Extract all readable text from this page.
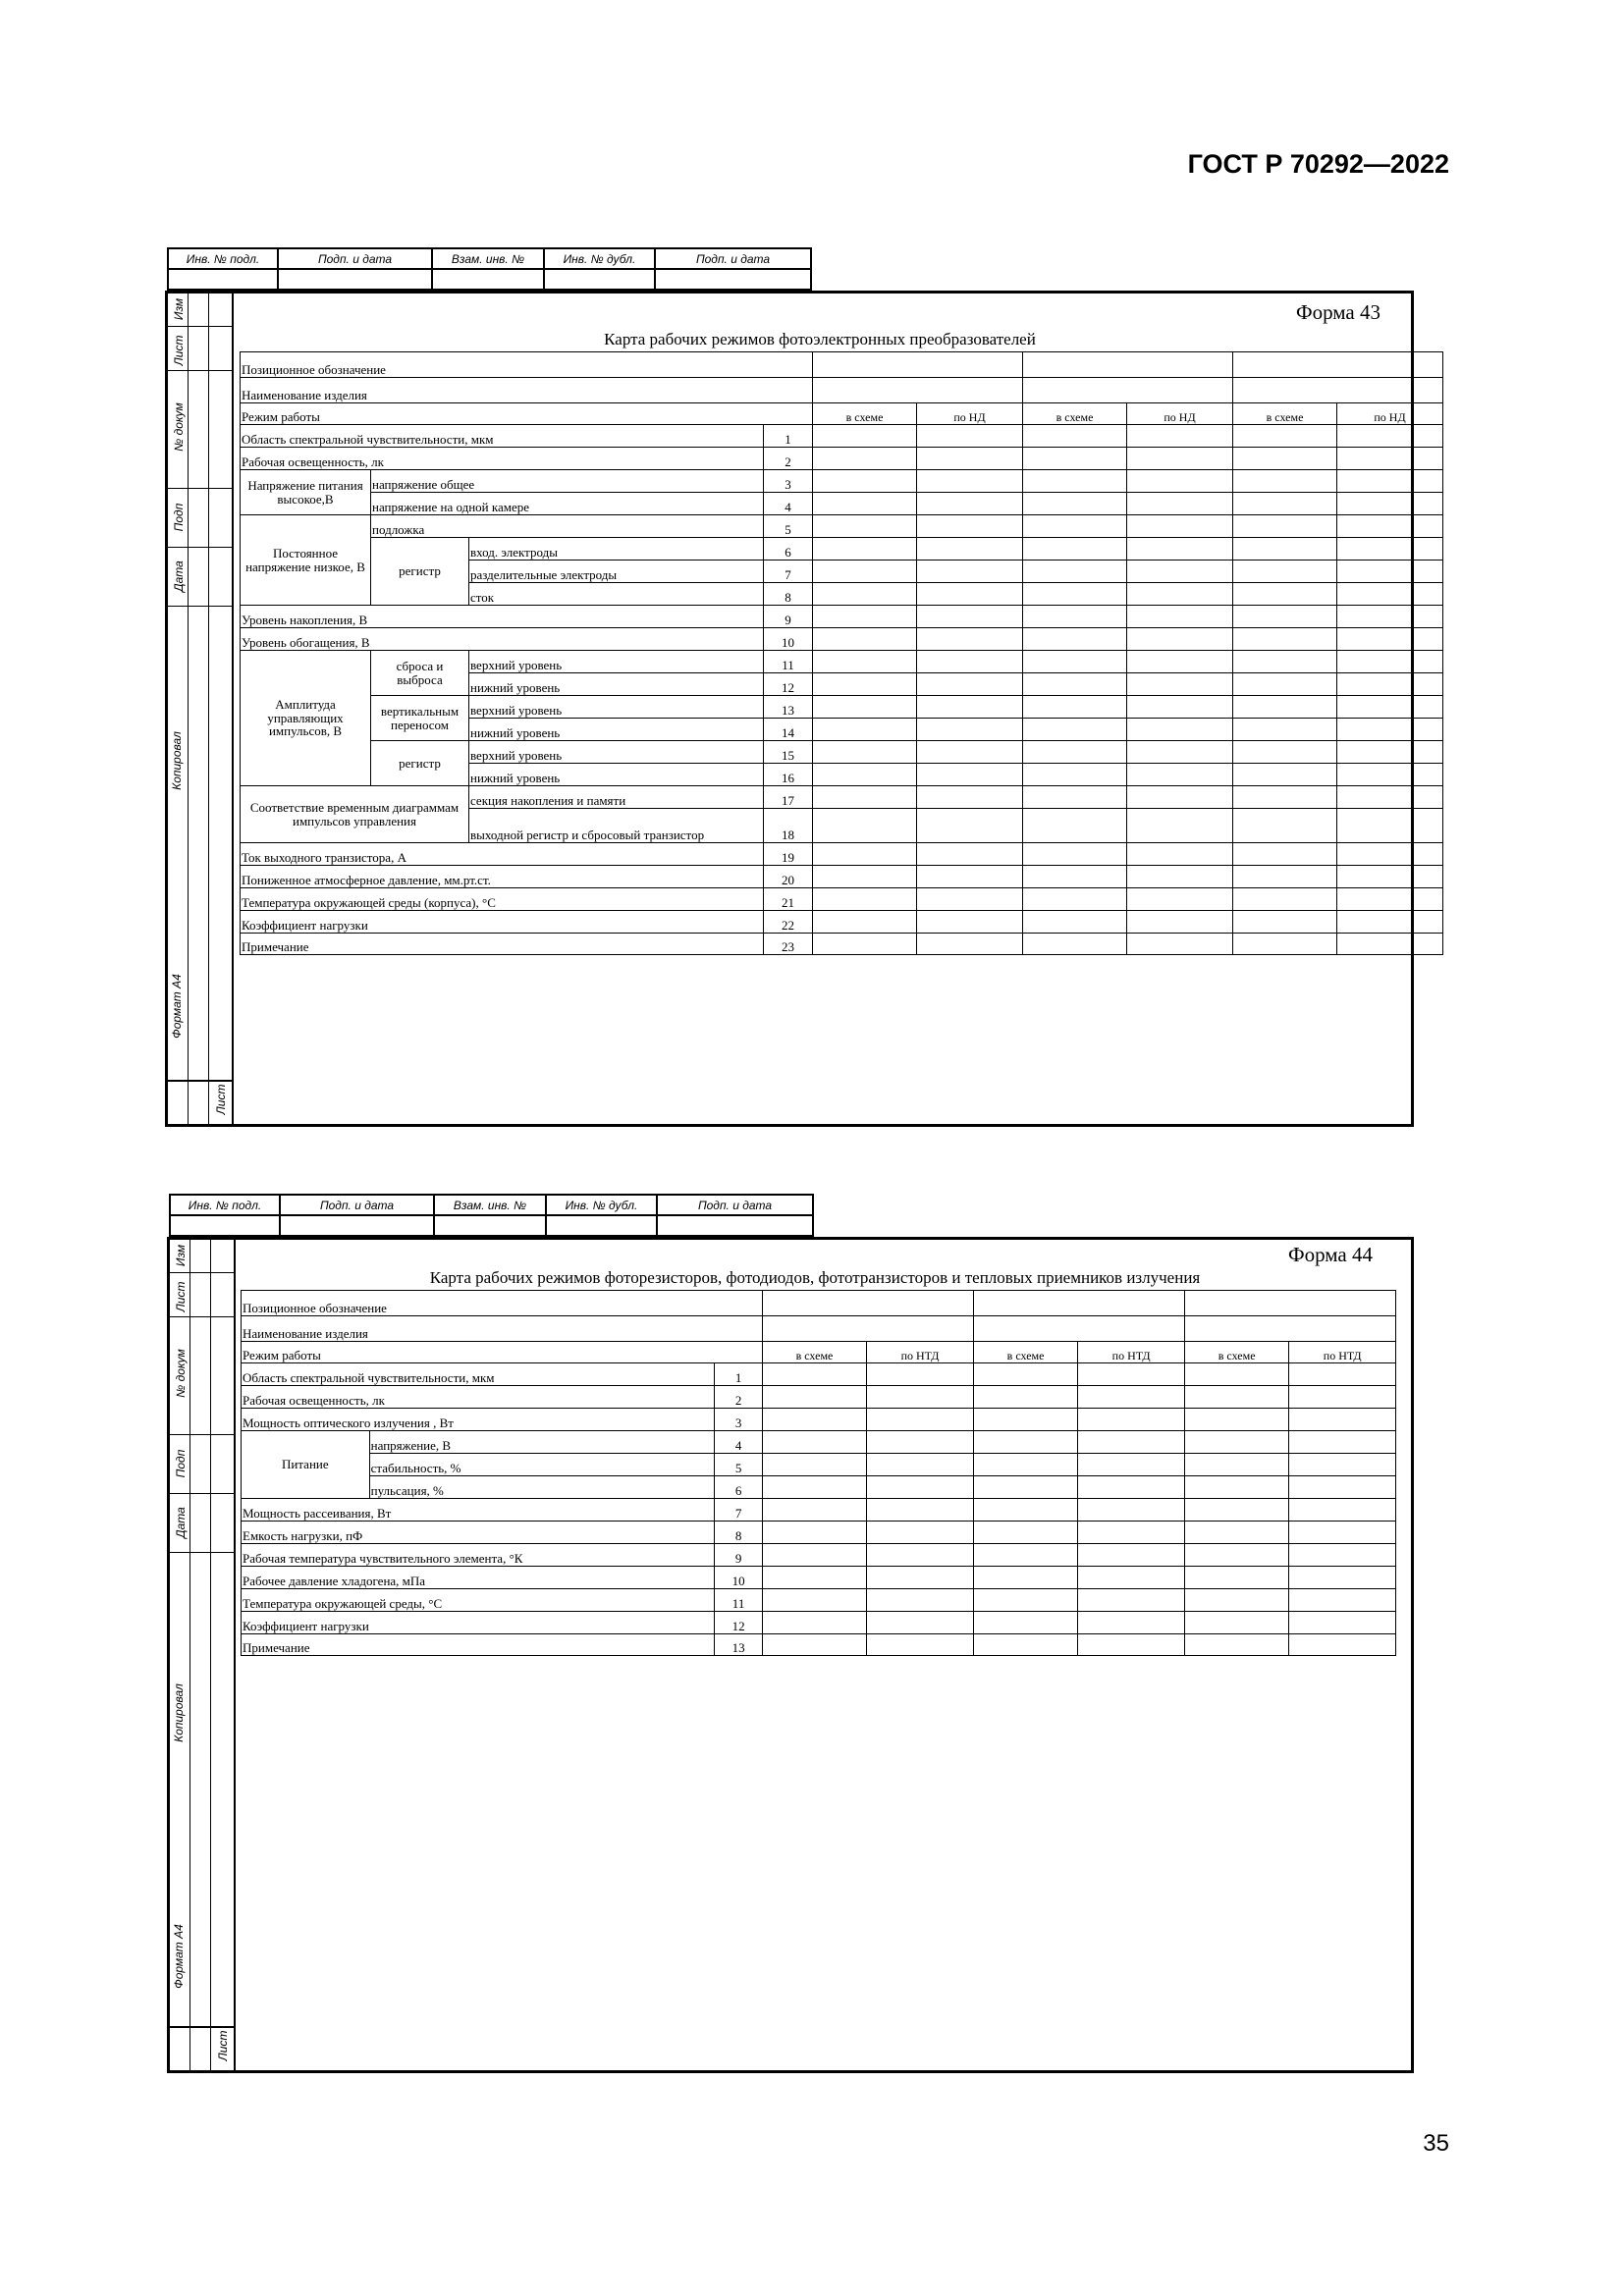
ГОСТ Р 70292—2022
Инв. № подл.	Подп. и дата	Взам. инв. №	Инв. № дубл.	Подп. и дата

Изм
Лист
№ докум
Подп
Дата
Копировал
Формат А4
Лист
Форма 43
Карта рабочих режимов фотоэлектронных преобразователей
Позиционное обозначение									
Наименование изделия									
Режим работы				в схеме	по НД	в схеме	по НД	в схеме	по НД
Область спектральной чувствительности, мкм			1						
Рабочая освещенность, лк			2						
Напряжение питания высокое,В	напряжение общее		3						
	напряжение на одной камере		4						
Постоянное напряжение низкое, В	подложка		5						
	регистр	вход. электроды	6						
		разделительные электроды	7						
		сток	8						
Уровень накопления, В			9						
Уровень обогащения, В			10						
Амплитуда управляющих импульсов, В	сброса и выброса	верхний уровень	11						
		нижний уровень	12						
	вертикальным переносом	верхний уровень	13						
		нижний уровень	14						
	регистр	верхний уровень	15						
		нижний уровень	16						
Соответствие временным диаграммам импульсов управления		секция накопления и памяти	17						
		выходной регистр и сбросовый транзистор	18						
Ток выходного транзистора, А			19						
Пониженное атмосферное давление, мм.рт.ст.			20						
Температура окружающей среды (корпуса), °С			21						
Коэффициент нагрузки			22						
Примечание			23						
Инв. № подл.	Подп. и дата	Взам. инв. №	Инв. № дубл.	Подп. и дата

Изм
Лист
№ докум
Подп
Дата
Копировал
Формат А4
Лист
Форма 44
Карта рабочих режимов фоторезисторов, фотодиодов, фототранзисторов и тепловых приемников излучения
Позиционное обозначение								
Наименование изделия								
Режим работы			в схеме	по НТД	в схеме	по НТД	в схеме	по НТД
Область спектральной чувствительности, мкм		1						
Рабочая освещенность, лк		2						
Мощность оптического излучения , Вт		3						
Питание	напряжение, В	4						
	стабильность, %	5						
	пульсация, %	6						
Мощность рассеивания, Вт		7						
Емкость нагрузки, пФ		8						
Рабочая температура чувствительного элемента, °К		9						
Рабочее давление хладогена, мПа		10						
Температура окружающей среды, °С		11						
Коэффициент нагрузки		12						
Примечание		13						
35
